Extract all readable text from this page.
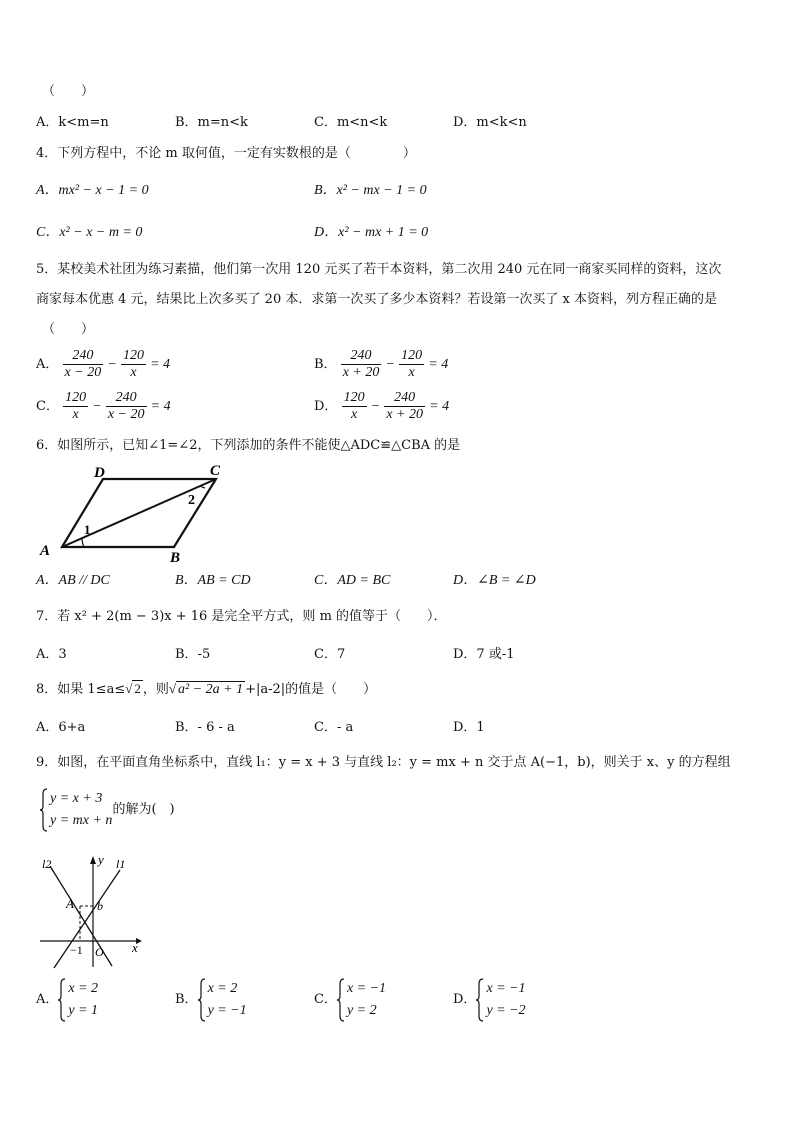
（　　）
A．k<m=n	B．m=n<k	C．m<n<k	D．m<k<n
4．下列方程中，不论 m 取何值，一定有实数根的是（　　　　）
A．mx² − x − 1 = 0	B．x² − mx − 1 = 0
C．x² − x − m = 0	D．x² − mx + 1 = 0
5．某校美术社团为练习素描，他们第一次用 120 元买了若干本资料，第二次用 240 元在同一商家买同样的资料，这次
商家每本优惠 4 元，结果比上次多买了 20 本．求第一次买了多少本资料？若设第一次买了 x 本资料，列方程正确的是
（　　）
A． $\frac{240}{x - 20} - \frac{120}{x} = 4$	B． $\frac{240}{x + 20} - \frac{120}{x} = 4$
C． $\frac{120}{x} - \frac{240}{x - 20} = 4$	D． $\frac{120}{x} - \frac{240}{x + 20} = 4$
6．如图所示，已知∠1=∠2，下列添加的条件不能使△ADC≌△CBA 的是
D	C
A	B
1
2
A．AB // DC	B．AB = CD	C．AD = BC	D．∠B = ∠D
7．若 x² + 2(m − 3)x + 16 是完全平方式，则 m 的值等于（　　）．
A．3	B．-5	C．7	D．7 或-1
8．如果 1≤a≤√ 2 ，则√ a² − 2a + 1 +|a-2|的值是（　　）
A．6+a	B．- 6 - a	C．- a	D．1
9．如图，在平面直角坐标系中，直线 l₁：y = x + 3 与直线 l₂：y = mx + n 交于点 A(−1，b)，则关于 x、y 的方程组
y = x + 3
y = mx + n
的解为(　)
l2	y l1
A b
−1 O x
A．
x = 2
y = 1
B．
x = 2
y = −1
C．
x = −1
y = 2
D．
x = −1
y = −2
